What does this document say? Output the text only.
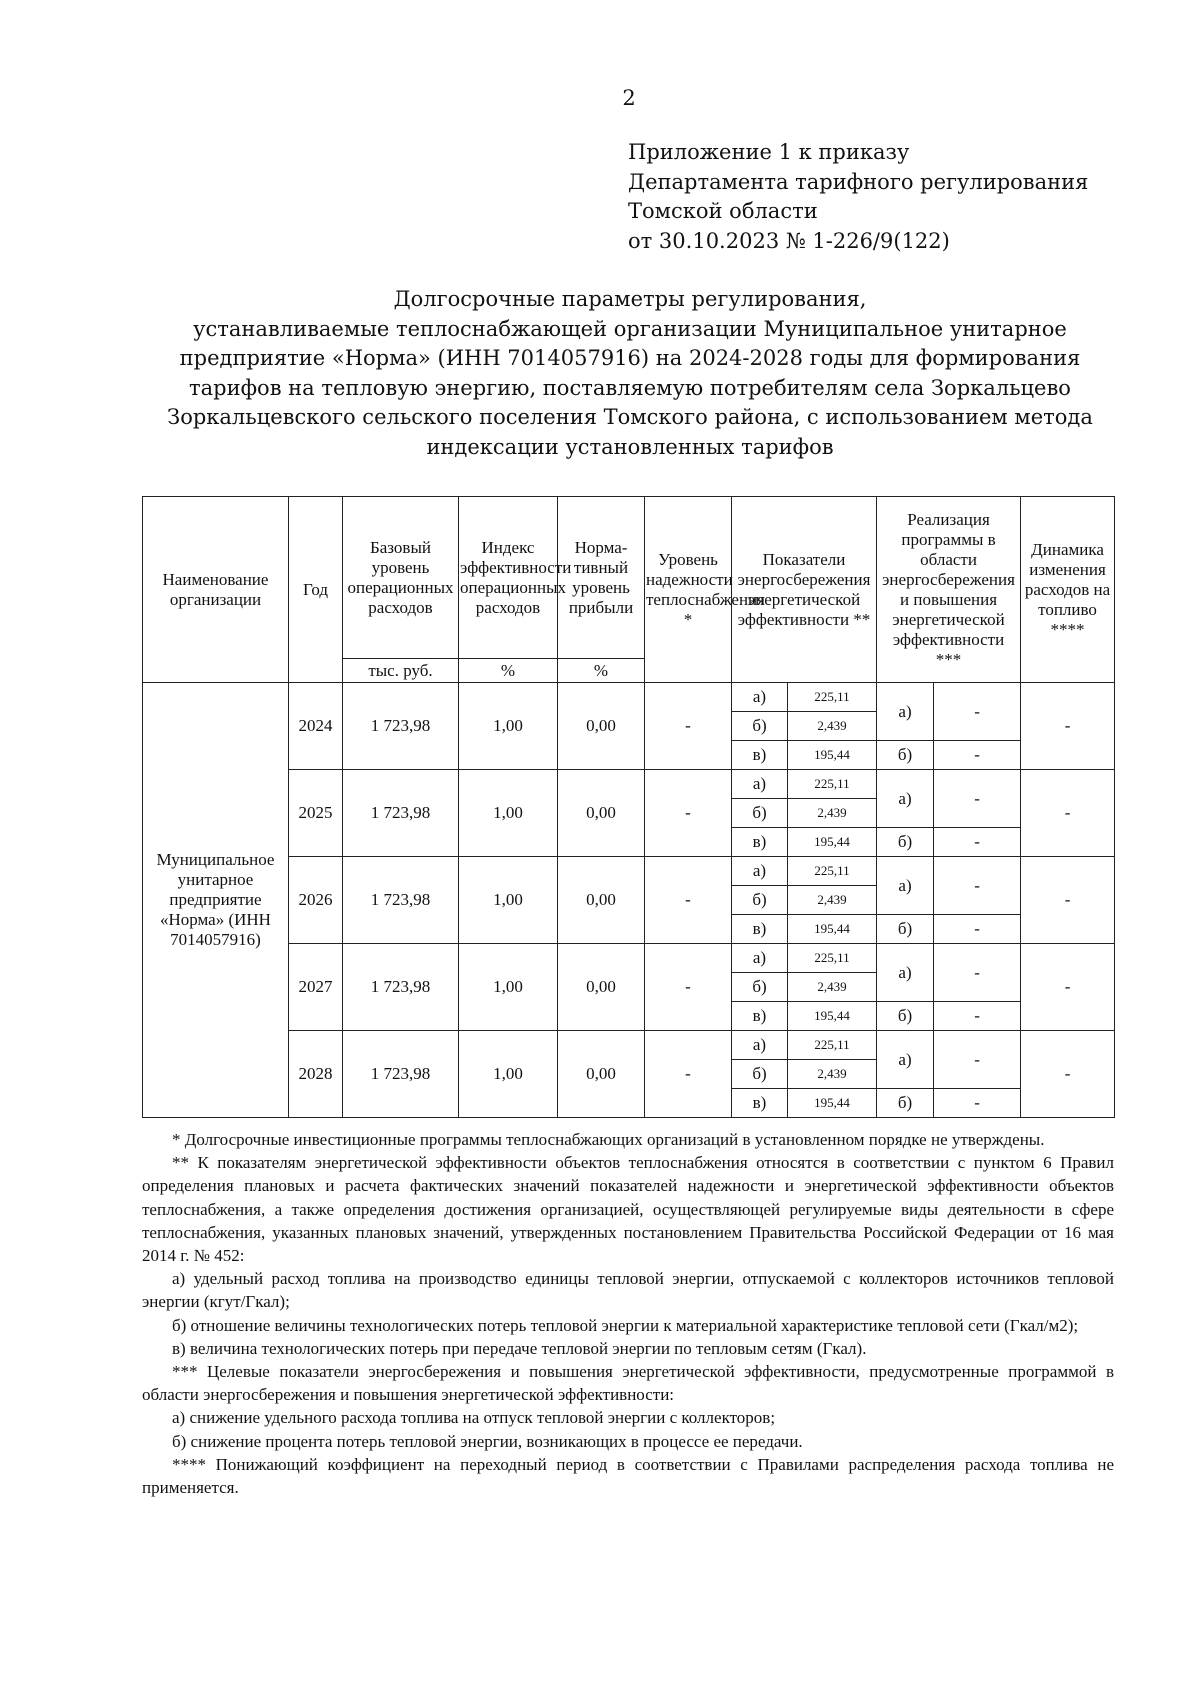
2
Приложение 1 к приказу
Департамента тарифного регулирования
Томской области
от 30.10.2023 № 1-226/9(122)
Долгосрочные параметры регулирования,
устанавливаемые теплоснабжающей организации Муниципальное унитарное
предприятие «Норма» (ИНН 7014057916) на 2024-2028 годы для формирования
тарифов на тепловую энергию, поставляемую потребителям села Зоркальцево
Зоркальцевского сельского поселения Томского района, с использованием метода
индексации установленных тарифов
Наименование организации	Год	Базовый уровень операционных расходов	Индекс эффективности операционных расходов	Норма-тивный уровень прибыли	Уровень надежности теплоснабжения *	Показатели энергосбережения энергетической эффективности **		Реализация программы в области энергосбережения и повышения энергетической эффективности ***		Динамика изменения расходов на топливо ****
		тыс. руб.	%	%						
Муниципальное унитарное предприятие «Норма» (ИНН 7014057916)	2024	1 723,98	1,00	0,00	-	а)	225,11	а)	-	-
						б)	2,439			
						в)	195,44	б)	-	
	2025	1 723,98	1,00	0,00	-	а)	225,11	а)	-	-
						б)	2,439			
						в)	195,44	б)	-	
	2026	1 723,98	1,00	0,00	-	а)	225,11	а)	-	-
						б)	2,439			
						в)	195,44	б)	-	
	2027	1 723,98	1,00	0,00	-	а)	225,11	а)	-	-
						б)	2,439			
						в)	195,44	б)	-	
	2028	1 723,98	1,00	0,00	-	а)	225,11	а)	-	-
						б)	2,439			
						в)	195,44	б)	-	

* Долгосрочные инвестиционные программы теплоснабжающих организаций в установленном порядке не утверждены.

** К показателям энергетической эффективности объектов теплоснабжения относятся в соответствии с пунктом 6 Правил определения плановых и расчета фактических значений показателей надежности и энергетической эффективности объектов теплоснабжения, а также определения достижения организацией, осуществляющей регулируемые виды деятельности в сфере теплоснабжения, указанных плановых значений, утвержденных постановлением Правительства Российской Федерации от 16 мая 2014 г. № 452:

а) удельный расход топлива на производство единицы тепловой энергии, отпускаемой с коллекторов источников тепловой энергии (кгут/Гкал);

б) отношение величины технологических потерь тепловой энергии к материальной характеристике тепловой сети (Гкал/м2);

в) величина технологических потерь при передаче тепловой энергии по тепловым сетям (Гкал).

*** Целевые показатели энергосбережения и повышения энергетической эффективности, предусмотренные программой в области энергосбережения и повышения энергетической эффективности:

а) снижение удельного расхода топлива на отпуск тепловой энергии с коллекторов;

б) снижение процента потерь тепловой энергии, возникающих в процессе ее передачи.

**** Понижающий коэффициент на переходный период в соответствии с Правилами распределения расхода топлива не применяется.
